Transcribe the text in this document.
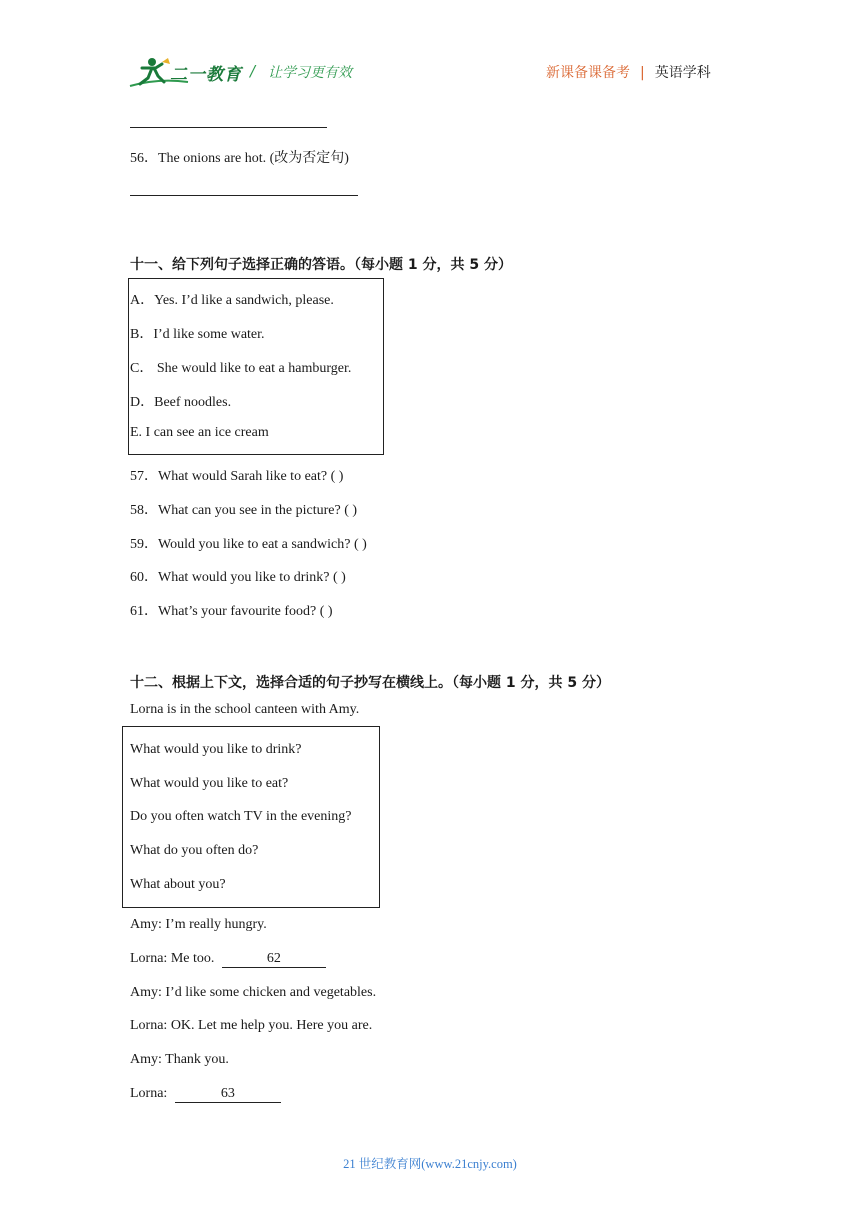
二一教育 / 让学习更有效	新课备课备考 | 英语学科
56．The onions are hot. (改为否定句)
十一、给下列句子选择正确的答语。（每小题 1 分，共 5 分）
A．Yes. I’d like a sandwich, please.
B．I’d like some water.
C． She would like to eat a hamburger.
D．Beef noodles.
E. I can see an ice cream
57．What would Sarah like to eat? ( )
58．What can you see in the picture? ( )
59．Would you like to eat a sandwich? ( )
60．What would you like to drink? ( )
61．What’s your favourite food? ( )
十二、根据上下文，选择合适的句子抄写在横线上。（每小题 1 分，共 5 分）
Lorna is in the school canteen with Amy.
What would you like to drink?
What would you like to eat?
Do you often watch TV in the evening?
What do you often do?
What about you?
Amy: I’m really hungry.
Lorna: Me too.	62
Amy: I’d like some chicken and vegetables.
Lorna: OK. Let me help you. Here you are.
Amy: Thank you.
Lorna:	63
21 世纪教育网(www.21cnjy.com)
